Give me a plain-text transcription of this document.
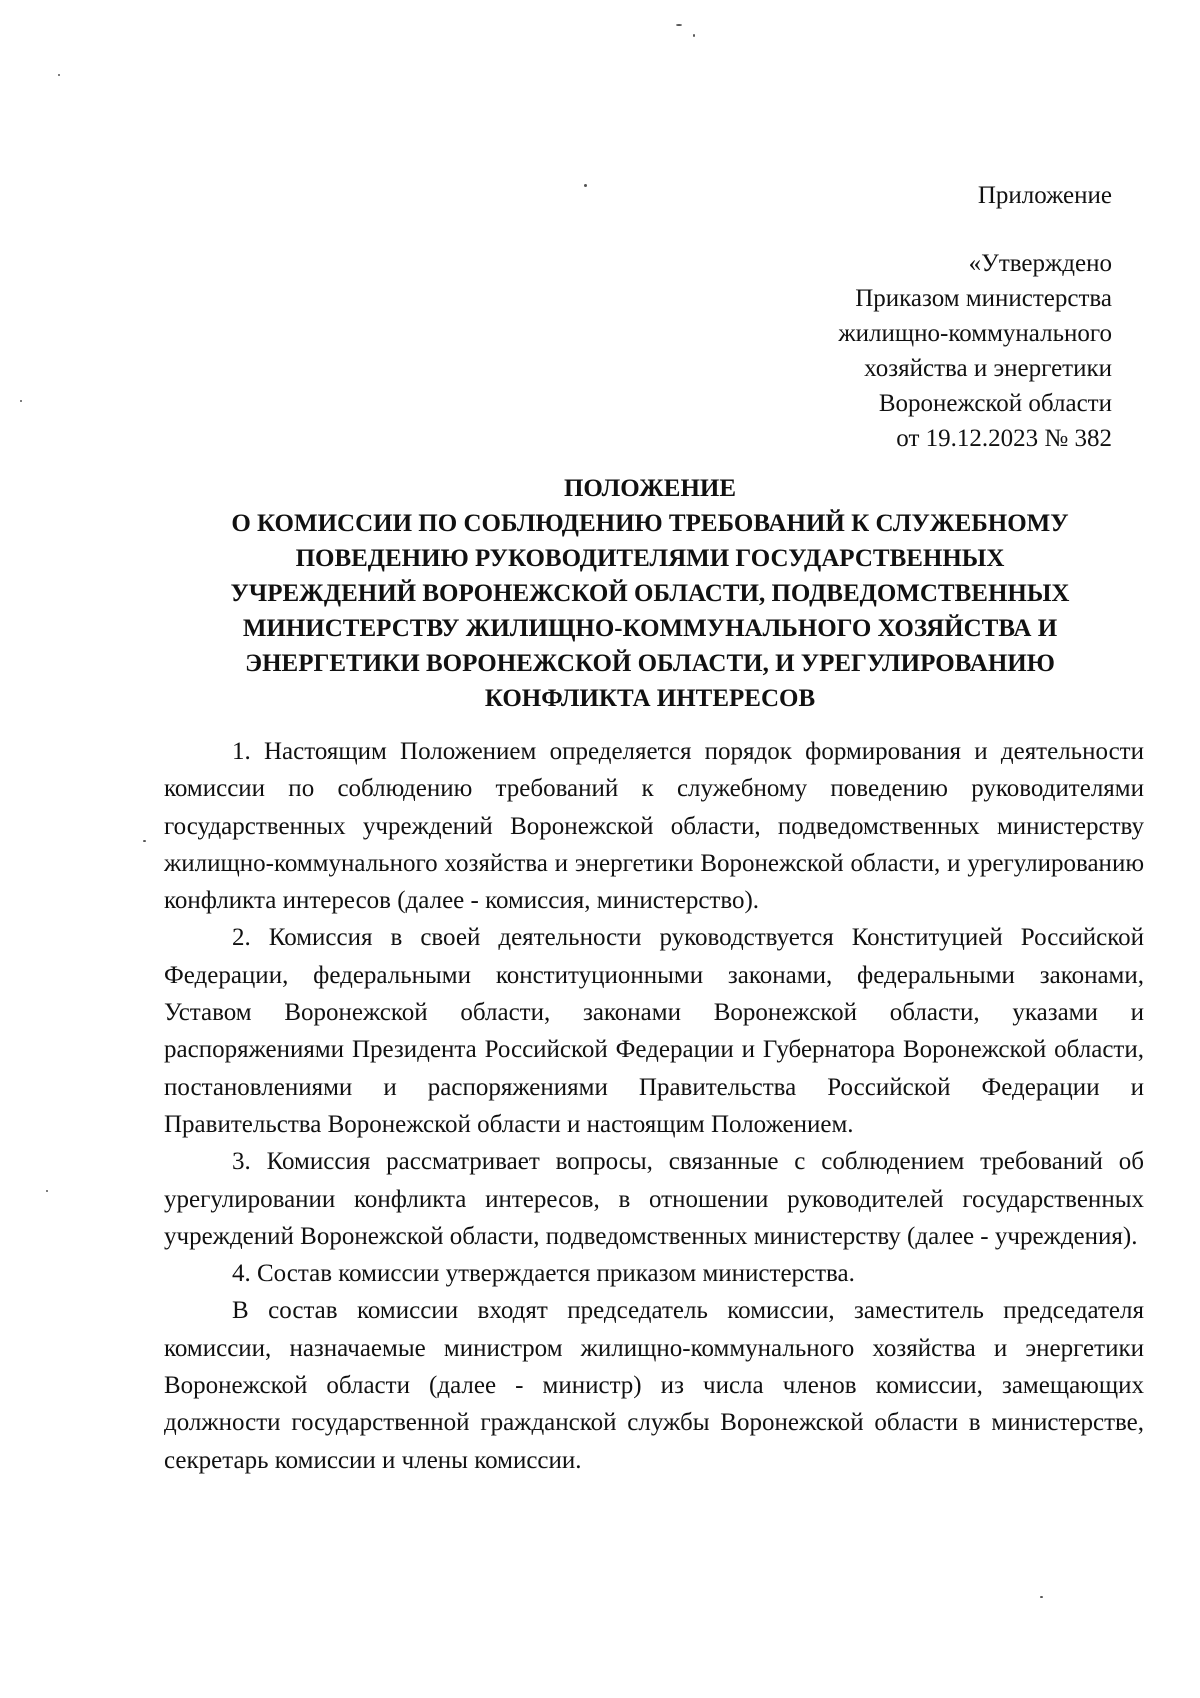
Приложение
«Утверждено
Приказом министерства
жилищно-коммунального
хозяйства и энергетики
Воронежской области
от 19.12.2023 № 382
ПОЛОЖЕНИЕ
О КОМИССИИ ПО СОБЛЮДЕНИЮ ТРЕБОВАНИЙ К СЛУЖЕБНОМУ
ПОВЕДЕНИЮ РУКОВОДИТЕЛЯМИ ГОСУДАРСТВЕННЫХ
УЧРЕЖДЕНИЙ ВОРОНЕЖСКОЙ ОБЛАСТИ, ПОДВЕДОМСТВЕННЫХ
МИНИСТЕРСТВУ ЖИЛИЩНО-КОММУНАЛЬНОГО ХОЗЯЙСТВА И
ЭНЕРГЕТИКИ ВОРОНЕЖСКОЙ ОБЛАСТИ, И УРЕГУЛИРОВАНИЮ
КОНФЛИКТА ИНТЕРЕСОВ

1. Настоящим Положением определяется порядок формирования и деятельности комиссии по соблюдению требований к служебному поведению руководителями государственных учреждений Воронежской области, подведомственных министерству жилищно-коммунального хозяйства и энергетики Воронежской области, и урегулированию конфликта интересов (далее - комиссия, министерство).

2. Комиссия в своей деятельности руководствуется Конституцией Российской Федерации, федеральными конституционными законами, федеральными законами, Уставом Воронежской области, законами Воронежской области, указами и распоряжениями Президента Российской Федерации и Губернатора Воронежской области, постановлениями и распоряжениями Правительства Российской Федерации и Правительства Воронежской области и настоящим Положением.

3. Комиссия рассматривает вопросы, связанные с соблюдением требований об урегулировании конфликта интересов, в отношении руководителей государственных учреждений Воронежской области, подведомственных министерству (далее - учреждения).

4. Состав комиссии утверждается приказом министерства.

В состав комиссии входят председатель комиссии, заместитель председателя комиссии, назначаемые министром жилищно-коммунального хозяйства и энергетики Воронежской области (далее - министр) из числа членов комиссии, замещающих должности государственной гражданской службы Воронежской области в министерстве, секретарь комиссии и члены комиссии.
